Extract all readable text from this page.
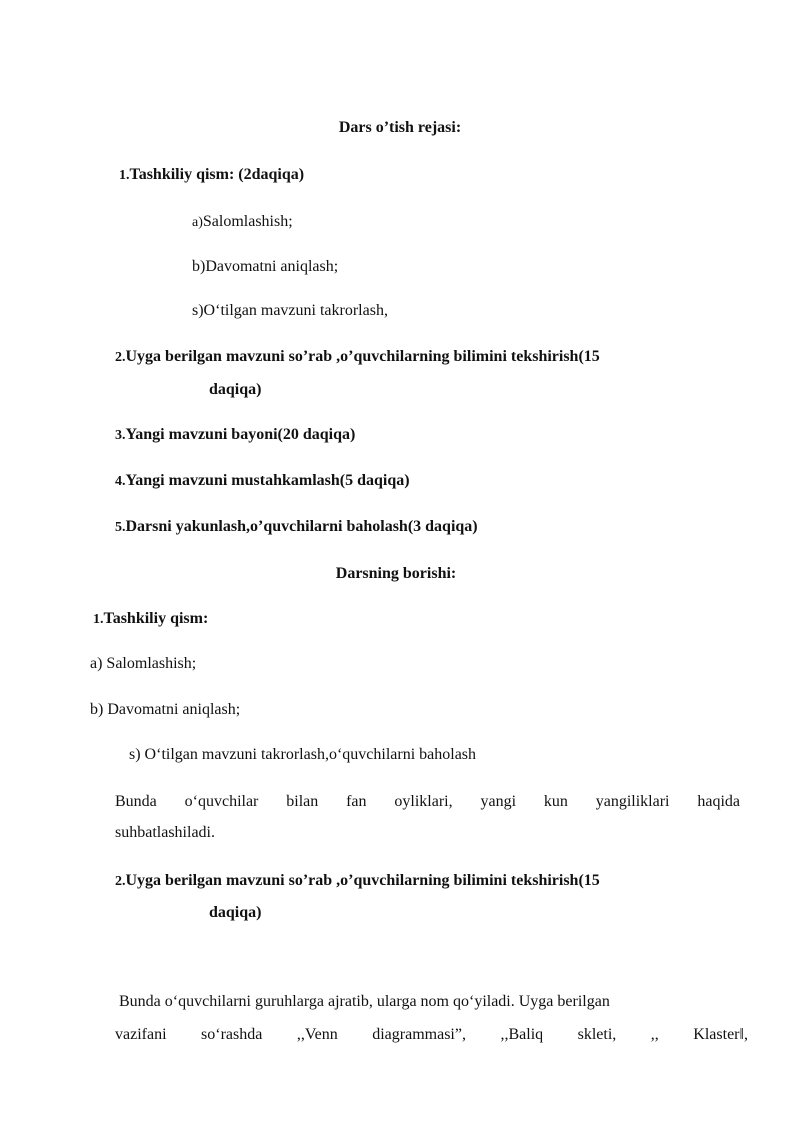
Dars o’tish rejasi:
1.Tashkiliy qism: (2daqiqa)
a)Salomlashish;
b)Davomatni aniqlash;
s)O‘tilgan mavzuni takrorlash,
2.Uyga berilgan mavzuni so’rab ,o’quvchilarning bilimini tekshirish(15
daqiqa)
3.Yangi mavzuni bayoni(20 daqiqa)
4.Yangi mavzuni mustahkamlash(5 daqiqa)
5.Darsni yakunlash,o’quvchilarni baholash(3 daqiqa)
Darsning borishi:
1.Tashkiliy qism:
a) Salomlashish;
b) Davomatni aniqlash;
s) O‘tilgan mavzuni takrorlash,o‘quvchilarni baholash
Bunda o‘quvchilar bilan fan oyliklari, yangi kun yangiliklari haqida
suhbatlashiladi.
2.Uyga berilgan mavzuni so’rab ,o’quvchilarning bilimini tekshirish(15
daqiqa)
Bunda o‘quvchilarni guruhlarga ajratib, ularga nom qo‘yiladi. Uyga berilgan
vazifani so‘rashda ,,Venn diagrammasi”, ,,Baliq skleti, ,, Klaster‖,
